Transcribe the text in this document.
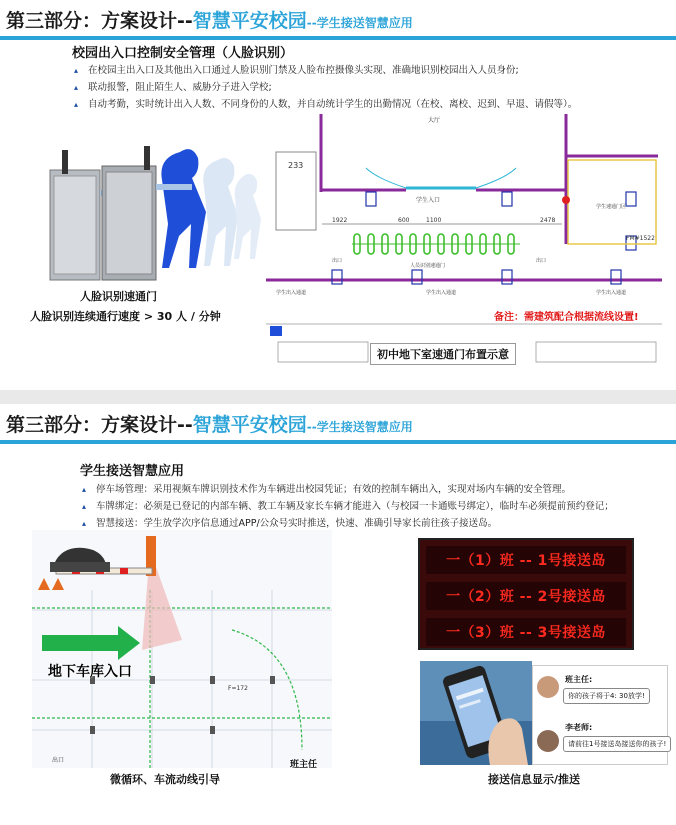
第三部分：方案设计--智慧平安校园--学生接送智慧应用
校园出入口控制安全管理（人脸识别）
▴ 在校园主出入口及其他出入口通过人脸识别门禁及人脸布控摄像头实现、准确地识别校园出入人员身份;
▴ 联动报警，阻止陌生人、威胁分子进入学校;
▴ 自动考勤，实时统计出入人数、不同身份的人数，并自动统计学生的出勤情况（在校、离校、迟到、早退、请假等）。
人脸识别速通门
人脸识别连续通行速度 > 30 人 / 分钟
233
学生入口
大厅
1922	600	1100	2478
学生速通门区
FM#1522
出口
人员识别速通门
出口
学生出入通道	学生出入通道	学生出入通道
备注：需建筑配合根据流线设置!
初中地下室速通门布置示意
第三部分：方案设计--智慧平安校园--学生接送智慧应用
学生接送智慧应用
▴ 停车场管理：采用视频车牌识别技术作为车辆进出校园凭证；有效的控制车辆出入，实现对场内车辆的安全管理。
▴ 车牌绑定：必须是已登记的内部车辆、教工车辆及家长车辆才能进入（与校园一卡通账号绑定），临时车必须提前预约登记；
▴ 智慧接送：学生放学次序信息通过APP/公众号实时推送，快速、准确引导家长前往孩子接送岛。
出口
F=172
地下车库入口
班主任
微循环、车流动线引导
一（1）班 -- 1号接送岛
一（2）班 -- 2号接送岛
一（3）班 -- 3号接送岛
班主任:
你的孩子将于4: 30放学!
李老师:
请前往1号接送岛接送你的孩子!
接送信息显示/推送
